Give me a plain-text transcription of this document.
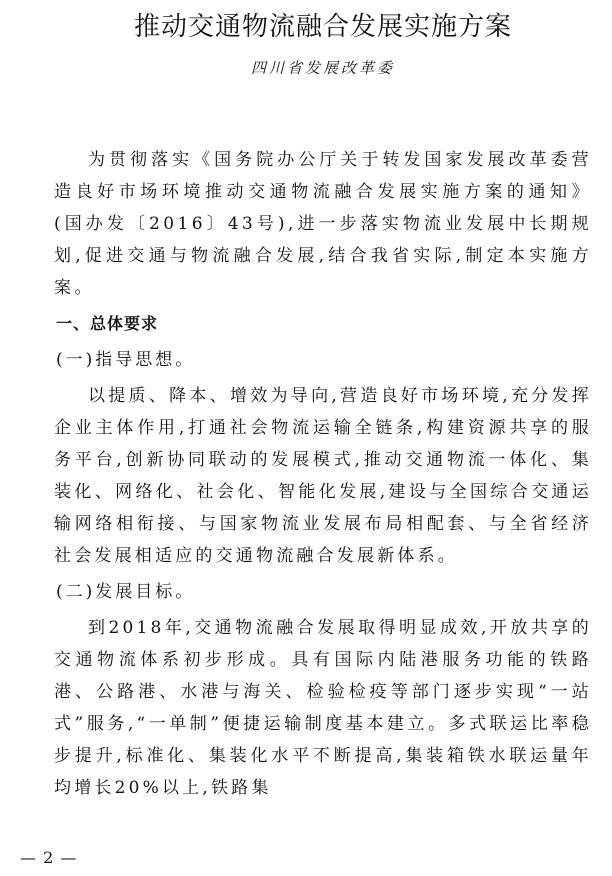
推动交通物流融合发展实施方案
四川省发展改革委

为贯彻落实《国务院办公厅关于转发国家发展改革委营造良好市场环境推动交通物流融合发展实施方案的通知》(国办发〔2016〕43号),进一步落实物流业发展中长期规划,促进交通与物流融合发展,结合我省实际,制定本实施方案。

一、总体要求
(一)指导思想。

以提质、降本、增效为导向,营造良好市场环境,充分发挥企业主体作用,打通社会物流运输全链条,构建资源共享的服务平台,创新协同联动的发展模式,推动交通物流一体化、集装化、网络化、社会化、智能化发展,建设与全国综合交通运输网络相衔接、与国家物流业发展布局相配套、与全省经济社会发展相适应的交通物流融合发展新体系。

(二)发展目标。

到2018年,交通物流融合发展取得明显成效,开放共享的交通物流体系初步形成。具有国际内陆港服务功能的铁路港、公路港、水港与海关、检验检疫等部门逐步实现“一站式”服务,“一单制”便捷运输制度基本建立。多式联运比率稳步提升,标准化、集装化水平不断提高,集装箱铁水联运量年均增长20%以上,铁路集

— 2 —
